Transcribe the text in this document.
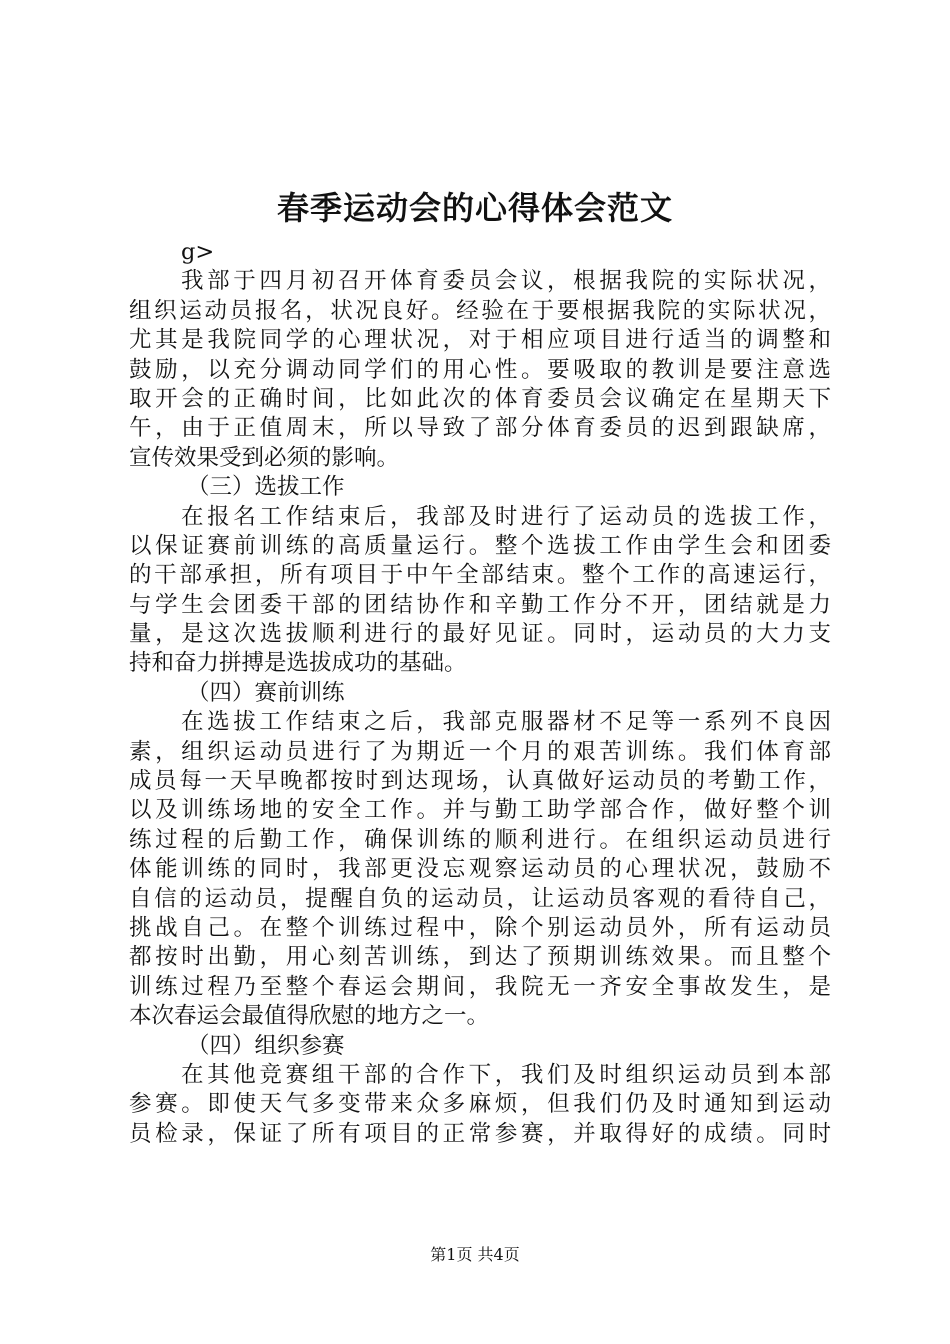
春季运动会的心得体会范文
g>
我部于四月初召开体育委员会议，根据我院的实际状况，
组织运动员报名，状况良好。经验在于要根据我院的实际状况，
尤其是我院同学的心理状况，对于相应项目进行适当的调整和
鼓励，以充分调动同学们的用心性。要吸取的教训是要注意选
取开会的正确时间，比如此次的体育委员会议确定在星期天下
午，由于正值周末，所以导致了部分体育委员的迟到跟缺席，
宣传效果受到必须的影响。
（三）选拔工作
在报名工作结束后，我部及时进行了运动员的选拔工作，
以保证赛前训练的高质量运行。整个选拔工作由学生会和团委
的干部承担，所有项目于中午全部结束。整个工作的高速运行，
与学生会团委干部的团结协作和辛勤工作分不开，团结就是力
量，是这次选拔顺利进行的最好见证。同时，运动员的大力支
持和奋力拼搏是选拔成功的基础。
（四）赛前训练
在选拔工作结束之后，我部克服器材不足等一系列不良因
素，组织运动员进行了为期近一个月的艰苦训练。我们体育部
成员每一天早晚都按时到达现场，认真做好运动员的考勤工作，
以及训练场地的安全工作。并与勤工助学部合作，做好整个训
练过程的后勤工作，确保训练的顺利进行。在组织运动员进行
体能训练的同时，我部更没忘观察运动员的心理状况，鼓励不
自信的运动员，提醒自负的运动员，让运动员客观的看待自己，
挑战自己。在整个训练过程中，除个别运动员外，所有运动员
都按时出勤，用心刻苦训练，到达了预期训练效果。而且整个
训练过程乃至整个春运会期间，我院无一齐安全事故发生，是
本次春运会最值得欣慰的地方之一。
（四）组织参赛
在其他竞赛组干部的合作下，我们及时组织运动员到本部
参赛。即使天气多变带来众多麻烦，但我们仍及时通知到运动
员检录，保证了所有项目的正常参赛，并取得好的成绩。同时
第1页 共4页
